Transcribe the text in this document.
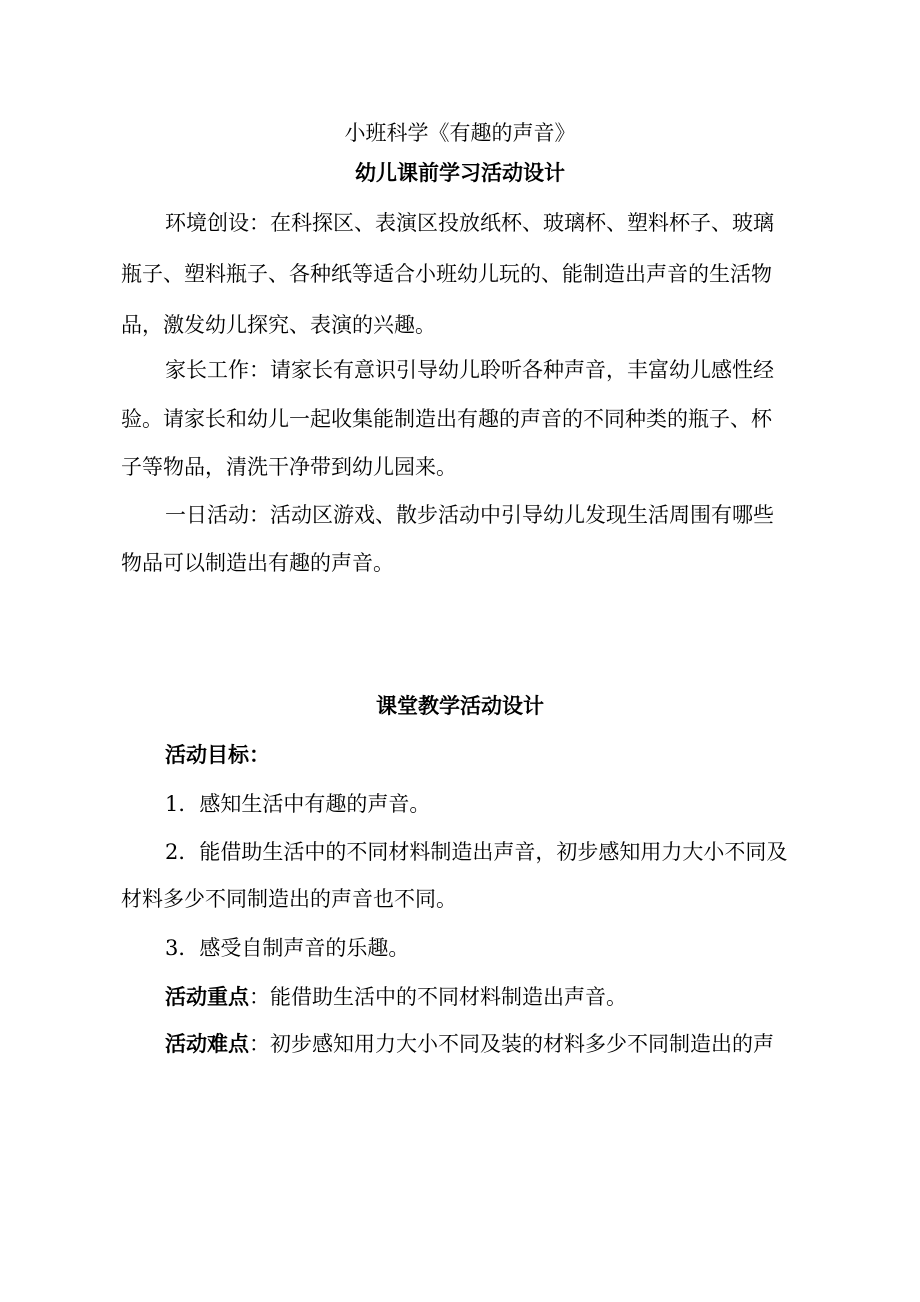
小班科学《有趣的声音》
幼儿课前学习活动设计
环境创设：在科探区、表演区投放纸杯、玻璃杯、塑料杯子、玻璃
瓶子、塑料瓶子、各种纸等适合小班幼儿玩的、能制造出声音的生活物
品，激发幼儿探究、表演的兴趣。
家长工作：请家长有意识引导幼儿聆听各种声音，丰富幼儿感性经
验。请家长和幼儿一起收集能制造出有趣的声音的不同种类的瓶子、杯
子等物品，清洗干净带到幼儿园来。
一日活动：活动区游戏、散步活动中引导幼儿发现生活周围有哪些
物品可以制造出有趣的声音。
课堂教学活动设计
活动目标：
1．感知生活中有趣的声音。
2．能借助生活中的不同材料制造出声音，初步感知用力大小不同及
材料多少不同制造出的声音也不同。
3．感受自制声音的乐趣。
活动重点：能借助生活中的不同材料制造出声音。
活动难点：初步感知用力大小不同及装的材料多少不同制造出的声
